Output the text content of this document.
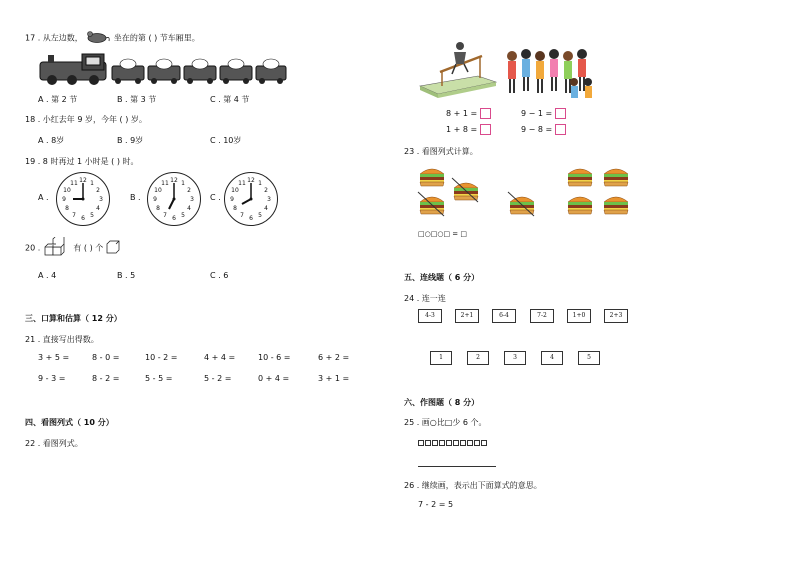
17 . 从左边数，	坐在的第 ( ) 节车厢里。
A . 第 2 节	B . 第 3 节	C . 第 4 节
18 . 小红去年 9 岁，今年 ( ) 岁。
A . 8岁	B . 9岁	C . 10岁
19 . 8 时再过 1 小时是 ( ) 时。
A .	B .	C .
12 1
2
3
4
5
6
7
8
9
10
11	12 1
2
3
4
5
6
7
8
9
10
11	12 1
2
3
4
5
6
7
8
9
10
11
20 .	有 ( ) 个
A . 4	B . 5	C . 6
三、口算和估算（ 12 分）
21 . 直接写出得数。
3 + 5 =	8 - 0 =	10 - 2 =	4 + 4 =	10 - 6 =	6 + 2 =
9 - 3 =	8 - 2 =	5 - 5 =	5 - 2 =	0 + 4 =	3 + 1 =
四、看图列式（ 10 分）
22 . 看图列式。
8 + 1 =	9 − 1 =
1 + 8 =	9 − 8 =
23 . 看图列式计算。
□○□○□ = □
五、连线题（ 6 分）
24 . 连一连
4-3	2+1	6-4	7-2	1+0	2+3
1	2	3	4	5
六、作图题（ 8 分）
25 . 画○比□少 6 个。
26 . 继续画，表示出下面算式的意思。
7 - 2 = 5
